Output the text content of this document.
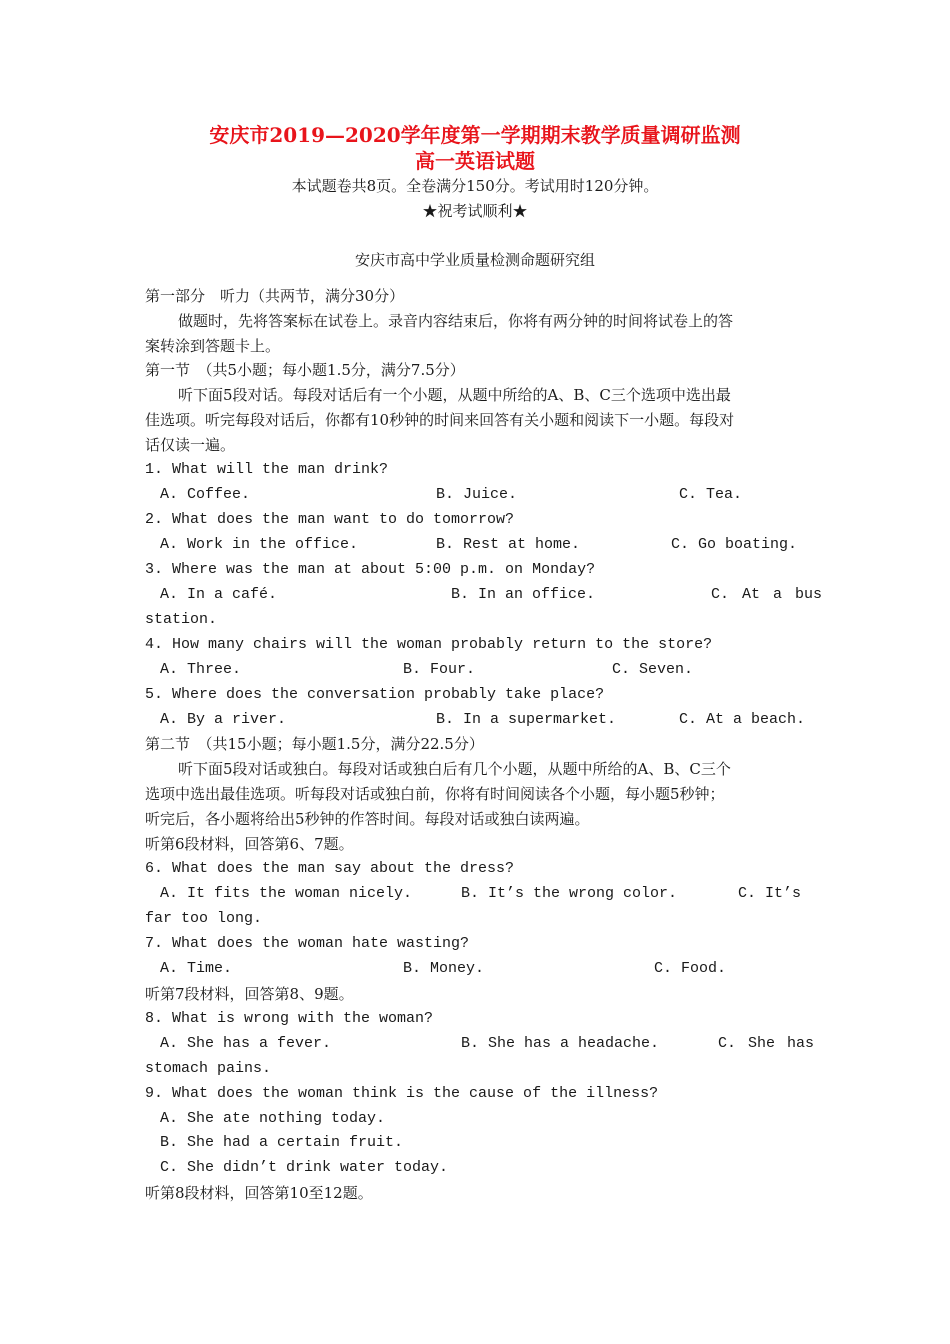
安庆市2019—2020学年度第一学期期末教学质量调研监测
高一英语试题
本试题卷共8页。全卷满分150分。考试用时120分钟。
★祝考试顺利★
安庆市高中学业质量检测命题研究组
第一部分　听力（共两节，满分30分）
做题时，先将答案标在试卷上。录音内容结束后，你将有两分钟的时间将试卷上的答
案转涂到答题卡上。
第一节　（共5小题；每小题1.5分，满分7.5分）
听下面5段对话。每段对话后有一个小题，从题中所给的A、B、C三个选项中选出最
佳选项。听完每段对话后，你都有10秒钟的时间来回答有关小题和阅读下一小题。每段对
话仅读一遍。
1. What will the man drink?
A. Coffee.	B. Juice.	C. Tea.
2. What does the man want to do tomorrow?
A. Work in the office.	B. Rest at home.	C. Go boating.
3. Where was the man at about 5:00 p.m. on Monday?
A. In a café.	B. In an office.	C. At a bus
station.
4. How many chairs will the woman probably return to the store?
A. Three.	B. Four.	C. Seven.
5. Where does the conversation probably take place?
A. By a river.	B. In a supermarket.	C. At a beach.
第二节　（共15小题；每小题1.5分，满分22.5分）
听下面5段对话或独白。每段对话或独白后有几个小题，从题中所给的A、B、C三个
选项中选出最佳选项。听每段对话或独白前，你将有时间阅读各个小题，每小题5秒钟；
听完后，各小题将给出5秒钟的作答时间。每段对话或独白读两遍。
听第6段材料，回答第6、7题。
6. What does the man say about the dress?
A. It fits the woman nicely.	B. It’s the wrong color.	C. It’s
far too long.
7. What does the woman hate wasting?
A. Time.	B. Money.	C. Food.
听第7段材料，回答第8、9题。
8. What is wrong with the woman?
A. She has a fever.	B. She has a headache.	C. She has
stomach pains.
9. What does the woman think is the cause of the illness?
A. She ate nothing today.
B. She had a certain fruit.
C. She didn’t drink water today.
听第8段材料，回答第10至12题。
